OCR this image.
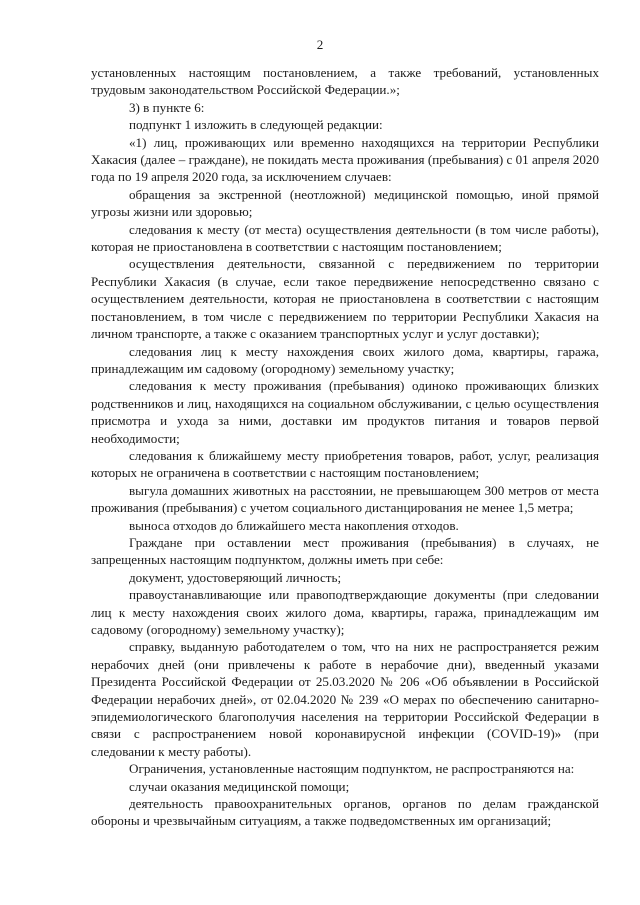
2

установленных настоящим постановлением, а также требований, установленных трудовым законодательством Российской Федерации.»;

3) в пункте 6:

подпункт 1 изложить в следующей редакции:

«1) лиц, проживающих или временно находящихся на территории Республики Хакасия (далее – граждане), не покидать места проживания (пребывания) с 01 апреля 2020 года по 19 апреля 2020 года, за исключением случаев:

обращения за экстренной (неотложной) медицинской помощью, иной прямой угрозы жизни или здоровью;

следования к месту (от места) осуществления деятельности (в том числе работы), которая не приостановлена в соответствии с настоящим постановлением;

осуществления деятельности, связанной с передвижением по территории Республики Хакасия (в случае, если такое передвижение непосредственно связано с осуществлением деятельности, которая не приостановлена в соответствии с настоящим постановлением, в том числе с передвижением по территории Республики Хакасия на личном транспорте, а также с оказанием транспортных услуг и услуг доставки);

следования лиц к месту нахождения своих жилого дома, квартиры, гаража, принадлежащим им садовому (огородному) земельному участку;

следования к месту проживания (пребывания) одиноко проживающих близких родственников и лиц, находящихся на социальном обслуживании, с целью осуществления присмотра и ухода за ними, доставки им продуктов питания и товаров первой необходимости;

следования к ближайшему месту приобретения товаров, работ, услуг, реализация которых не ограничена в соответствии с настоящим постановлением;

выгула домашних животных на расстоянии, не превышающем 300 метров от места проживания (пребывания) с учетом социального дистанцирования не менее 1,5 метра;

выноса отходов до ближайшего места накопления отходов.

Граждане при оставлении мест проживания (пребывания) в случаях, не запрещенных настоящим подпунктом, должны иметь при себе:

документ, удостоверяющий личность;

правоустанавливающие или правоподтверждающие документы (при следовании лиц к месту нахождения своих жилого дома, квартиры, гаража, принадлежащим им садовому (огородному) земельному участку);

справку, выданную работодателем о том, что на них не распространяется режим нерабочих дней (они привлечены к работе в нерабочие дни), введенный указами Президента Российской Федерации от 25.03.2020 № 206 «Об объявлении в Российской Федерации нерабочих дней», от 02.04.2020 № 239 «О мерах по обеспечению санитарно-эпидемиологического благополучия населения на территории Российской Федерации в связи с распространением новой коронавирусной инфекции (COVID-19)» (при следовании к месту работы).

Ограничения, установленные настоящим подпунктом, не распространяются на:

случаи оказания медицинской помощи;

деятельность правоохранительных органов, органов по делам гражданской обороны и чрезвычайным ситуациям, а также подведомственных им организаций;
